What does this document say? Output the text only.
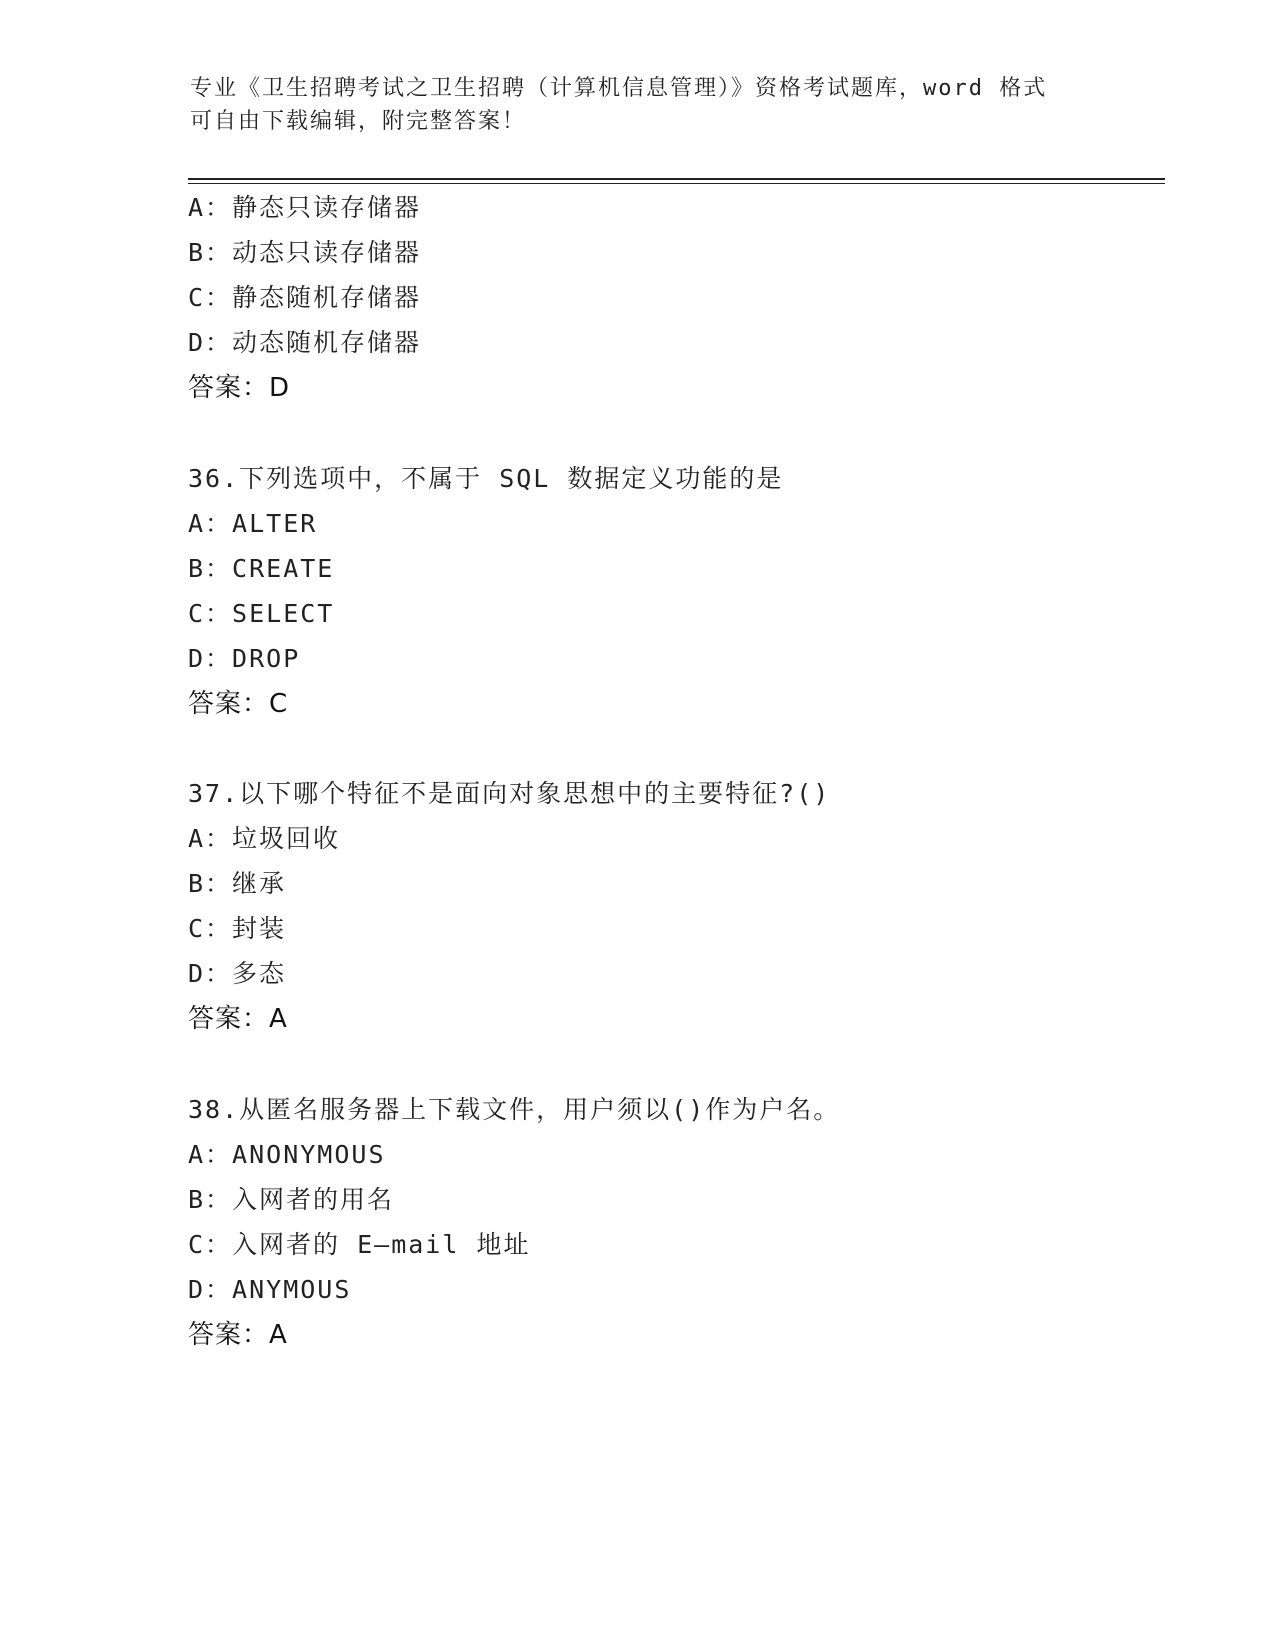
专业《卫生招聘考试之卫生招聘（计算机信息管理）》资格考试题库，word 格式
可自由下载编辑，附完整答案！
A：静态只读存储器
B：动态只读存储器
C：静态随机存储器
D：动态随机存储器
答案：D
36.下列选项中，不属于 SQL 数据定义功能的是
A：ALTER
B：CREATE
C：SELECT
D：DROP
答案：C
37.以下哪个特征不是面向对象思想中的主要特征?()
A：垃圾回收
B：继承
C：封装
D：多态
答案：A
38.从匿名服务器上下载文件，用户须以()作为户名。
A：ANONYMOUS
B：入网者的用名
C：入网者的 E—mail 地址
D：ANYMOUS
答案：A
